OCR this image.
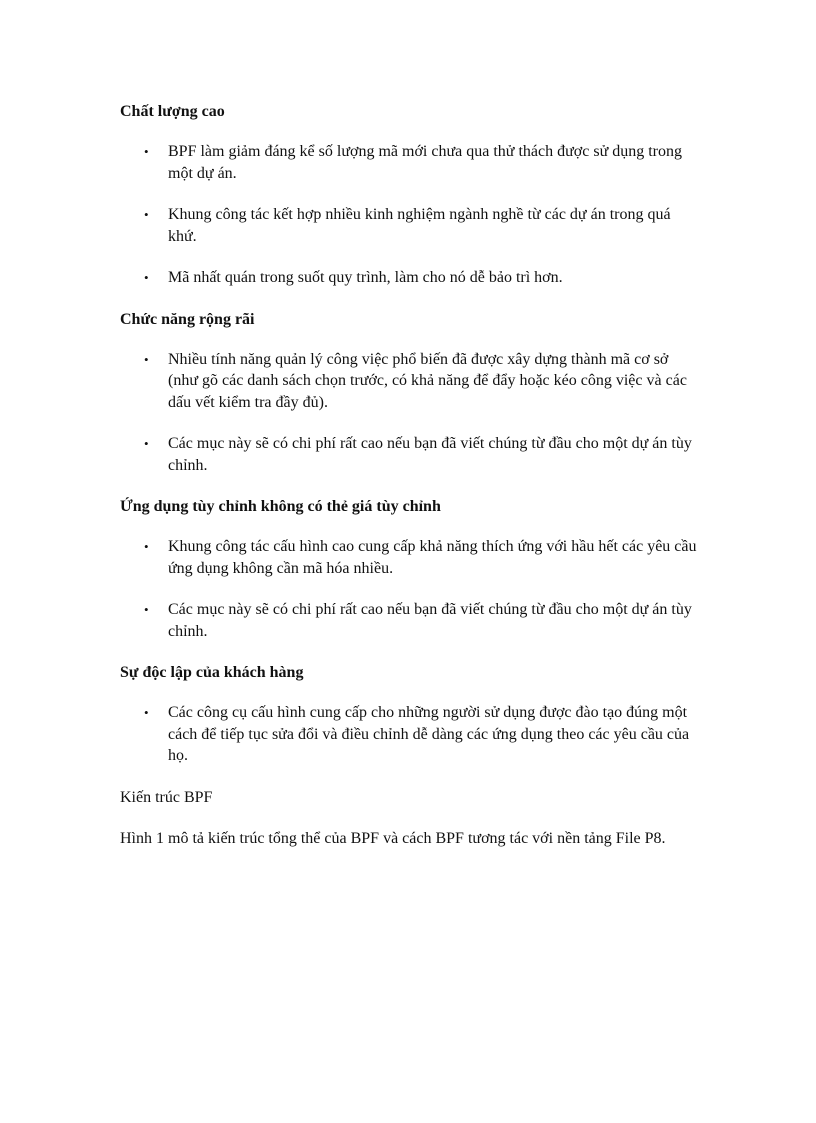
Chất lượng cao
• BPF làm giảm đáng kể số lượng mã mới chưa qua thử thách được sử dụng trong một dự án.
• Khung công tác kết hợp nhiều kinh nghiệm ngành nghề từ các dự án trong quá khứ.
• Mã nhất quán trong suốt quy trình, làm cho nó dễ bảo trì hơn.
Chức năng rộng rãi
• Nhiều tính năng quản lý công việc phổ biến đã được xây dựng thành mã cơ sở (như gõ các danh sách chọn trước, có khả năng để đẩy hoặc kéo công việc và các dấu vết kiểm tra đầy đủ).
• Các mục này sẽ có chi phí rất cao nếu bạn đã viết chúng từ đầu cho một dự án tùy chỉnh.
Ứng dụng tùy chỉnh không có thẻ giá tùy chỉnh
• Khung công tác cấu hình cao cung cấp khả năng thích ứng với hầu hết các yêu cầu ứng dụng không cần mã hóa nhiều.
• Các mục này sẽ có chi phí rất cao nếu bạn đã viết chúng từ đầu cho một dự án tùy chỉnh.
Sự độc lập của khách hàng
• Các công cụ cấu hình cung cấp cho những người sử dụng được đào tạo đúng một cách để tiếp tục sửa đổi và điều chỉnh dễ dàng các ứng dụng theo các yêu cầu của họ.
Kiến trúc BPF
Hình 1 mô tả kiến trúc tổng thể của BPF và cách BPF tương tác với nền tảng File P8.
